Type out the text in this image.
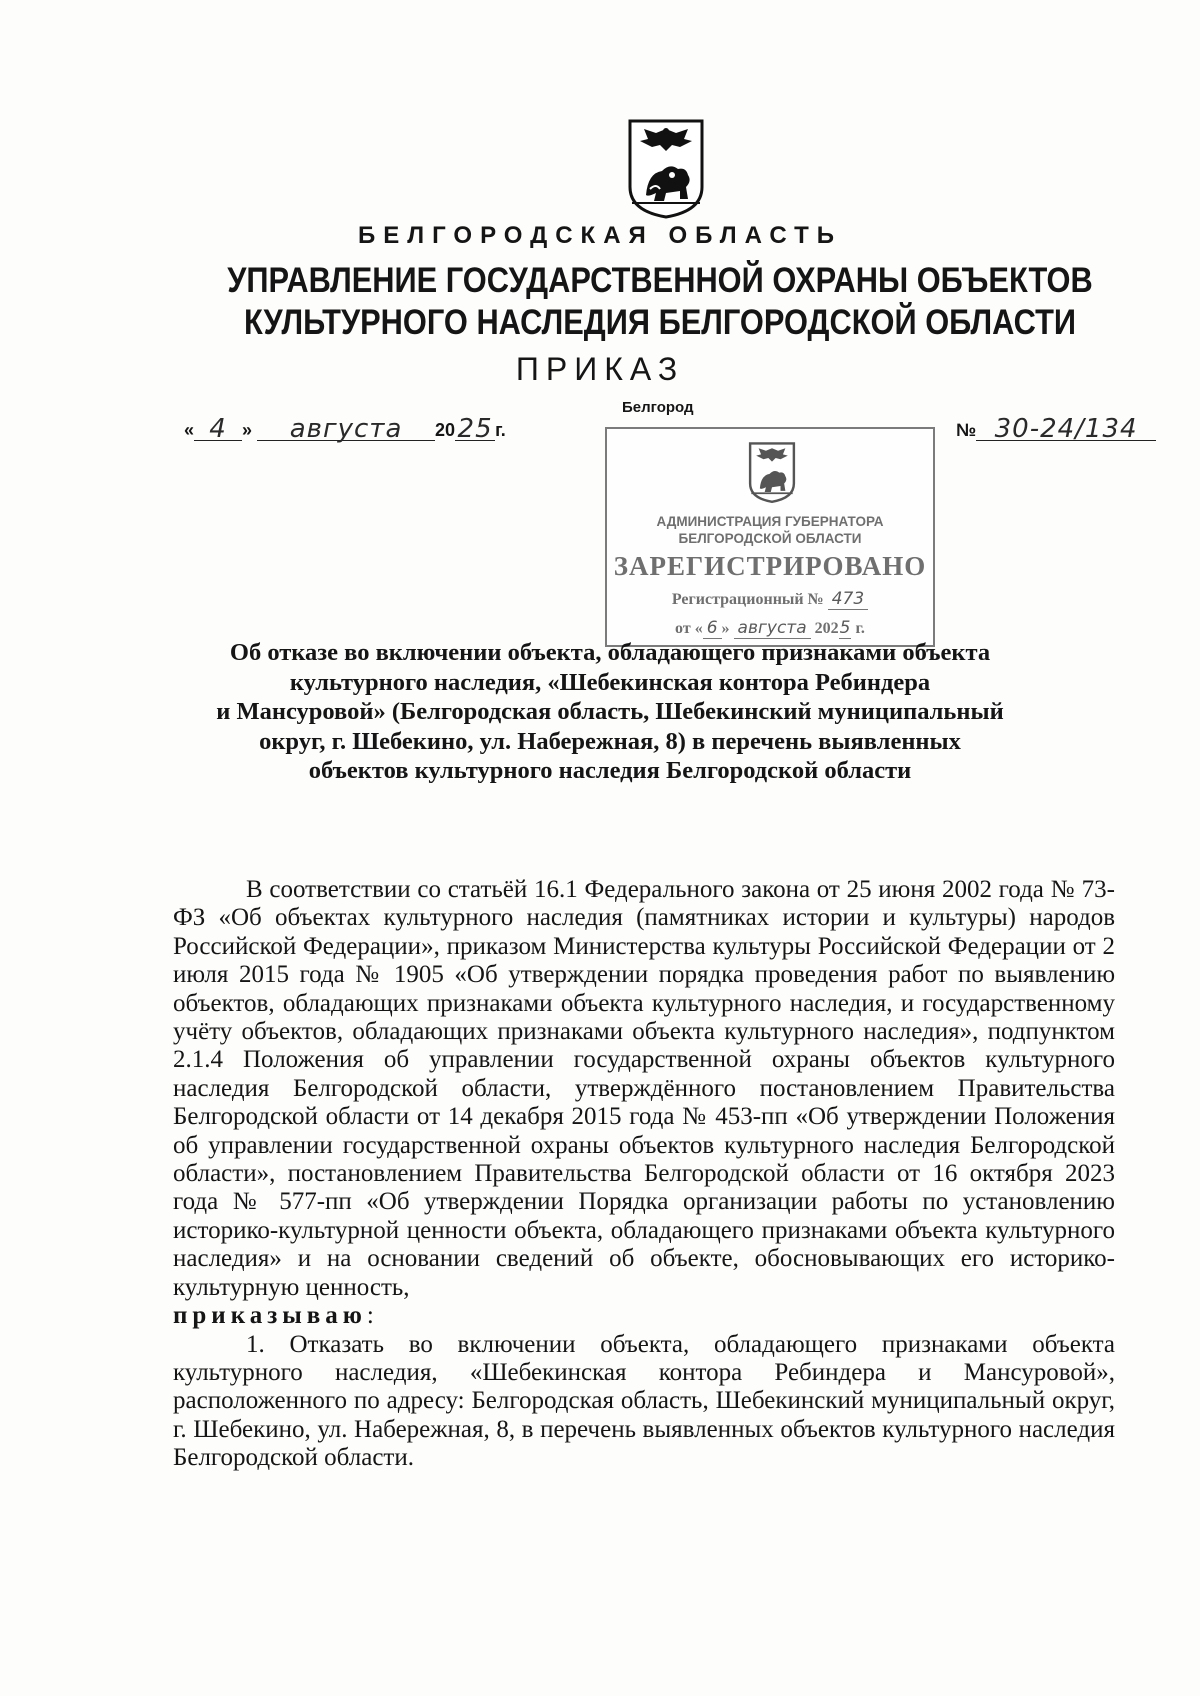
БЕЛГОРОДСКАЯ ОБЛАСТЬ
УПРАВЛЕНИЕ ГОСУДАРСТВЕННОЙ ОХРАНЫ ОБЪЕКТОВ
КУЛЬТУРНОГО НАСЛЕДИЯ БЕЛГОРОДСКОЙ ОБЛАСТИ
ПРИКАЗ
Белгород
« 4 » августа 2025 г.	№ 30-24/134
АДМИНИСТРАЦИЯ ГУБЕРНАТОРА
БЕЛГОРОДСКОЙ ОБЛАСТИ
ЗАРЕГИСТРИРОВАНО
Регистрационный № 473
от « 6 » августа 2025 г.
Об отказе во включении объекта, обладающего признаками объекта
культурного наследия, «Шебекинская контора Ребиндера
и Мансуровой» (Белгородская область, Шебекинский муниципальный
округ, г. Шебекино, ул. Набережная, 8) в перечень выявленных
объектов культурного наследия Белгородской области

В соответствии со статьёй 16.1 Федерального закона от 25 июня 2002 года № 73-ФЗ «Об объектах культурного наследия (памятниках истории и культуры) народов Российской Федерации», приказом Министерства культуры Российской Федерации от 2 июля 2015 года № 1905 «Об утверждении порядка проведения работ по выявлению объектов, обладающих признаками объекта культурного наследия, и государственному учёту объектов, обладающих признаками объекта культурного наследия», подпунктом 2.1.4 Положения об управлении государственной охраны объектов культурного наследия Белгородской области, утверждённого постановлением Правительства Белгородской области от 14 декабря 2015 года № 453-пп «Об утверждении Положения об управлении государственной охраны объектов культурного наследия Белгородской области», постановлением Правительства Белгородской области от 16 октября 2023 года № 577-пп «Об утверждении Порядка организации работы по установлению историко-культурной ценности объекта, обладающего признаками объекта культурного наследия» и на основании сведений об объекте, обосновывающих его историко-культурную ценность,

приказываю:

1. Отказать во включении объекта, обладающего признаками объекта культурного наследия, «Шебекинская контора Ребиндера и Мансуровой», расположенного по адресу: Белгородская область, Шебекинский муниципальный округ, г. Шебекино, ул. Набережная, 8, в перечень выявленных объектов культурного наследия Белгородской области.
